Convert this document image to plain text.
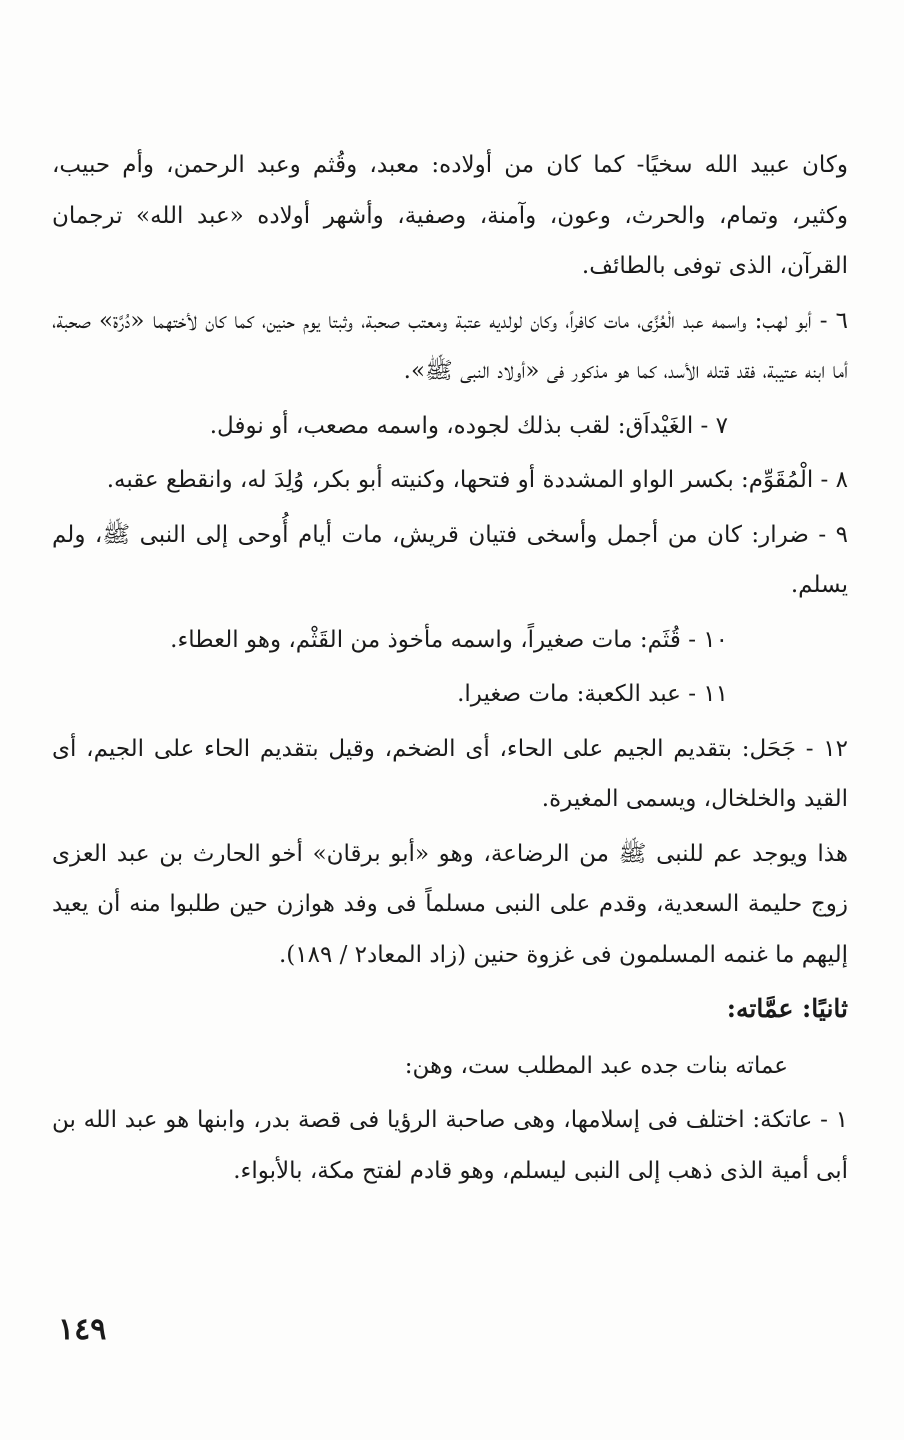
وكان عبيد الله سخيًا- كما كان من أولاده: معبد، وقُثم وعبد الرحمن، وأم حبيب، وكثير، وتمام، والحرث، وعون، وآمنة، وصفية، وأشهر أولاده «عبد الله» ترجمان القرآن، الذى توفى بالطائف.

٦ - أبو لهب: واسمه عبد الْعُزَّى، مات كافراً، وكان لولديه عتبة ومعتب صحبة، وثبتا يوم حنين، كما كان لأختهما «دُرَّة» صحبة، أما ابنه عتيبة، فقد قتله الأسد، كما هو مذكور فى «أولاد النبى ﷺ».

٧ - الغَيْداَق: لقب بذلك لجوده، واسمه مصعب، أو نوفل.

٨ - الْمُقَوِّم: بكسر الواو المشددة أو فتحها، وكنيته أبو بكر، وُلِدَ له، وانقطع عقبه.

٩ - ضرار: كان من أجمل وأسخى فتيان قريش، مات أيام أُوحى إلى النبى ﷺ، ولم يسلم.

١٠ - قُثَم: مات صغيراً، واسمه مأخوذ من القَثْم، وهو العطاء.

١١ - عبد الكعبة: مات صغيرا.

١٢ - جَحَل: بتقديم الجيم على الحاء، أى الضخم، وقيل بتقديم الحاء على الجيم، أى القيد والخلخال، ويسمى المغيرة.

هذا ويوجد عم للنبى ﷺ من الرضاعة، وهو «أبو برقان» أخو الحارث بن عبد العزى زوج حليمة السعدية، وقدم على النبى مسلماً فى وفد هوازن حين طلبوا منه أن يعيد إليهم ما غنمه المسلمون فى غزوة حنين (زاد المعاد٢ / ١٨٩).

ثانيًا: عمَّاته:

عماته بنات جده عبد المطلب ست، وهن:

١ - عاتكة: اختلف فى إسلامها، وهى صاحبة الرؤيا فى قصة بدر، وابنها هو عبد الله بن أبى أمية الذى ذهب إلى النبى ليسلم، وهو قادم لفتح مكة، بالأبواء.

١٤٩
